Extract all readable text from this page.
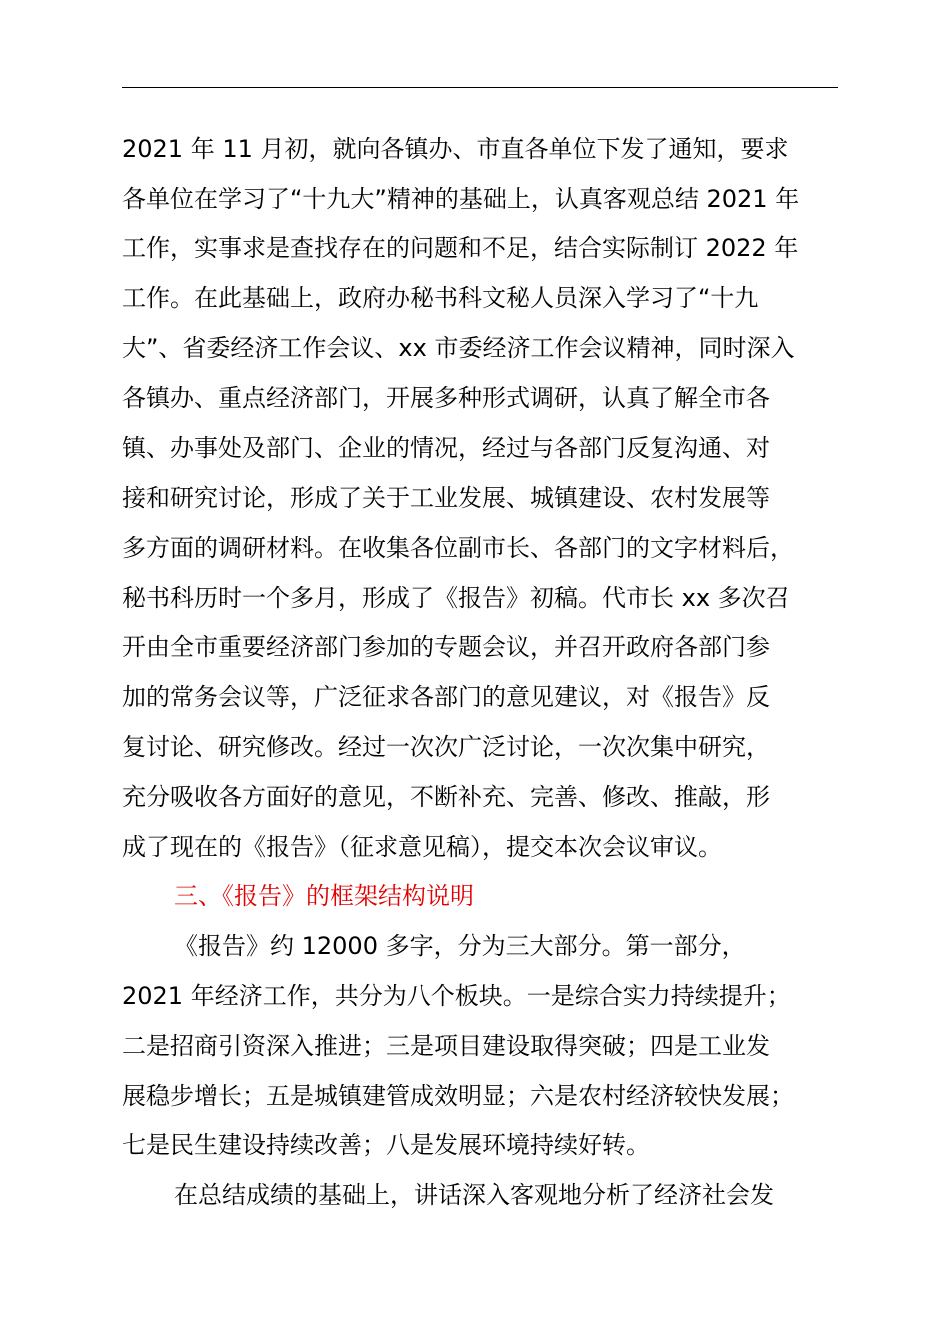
2021 年 11 月初，就向各镇办、市直各单位下发了通知，要求
各单位在学习了“十九大”精神的基础上，认真客观总结 2021 年
工作，实事求是查找存在的问题和不足，结合实际制订 2022 年
工作。在此基础上，政府办秘书科文秘人员深入学习了“十九
大”、省委经济工作会议、xx 市委经济工作会议精神，同时深入
各镇办、重点经济部门，开展多种形式调研，认真了解全市各
镇、办事处及部门、企业的情况，经过与各部门反复沟通、对
接和研究讨论，形成了关于工业发展、城镇建设、农村发展等
多方面的调研材料。在收集各位副市长、各部门的文字材料后，
秘书科历时一个多月，形成了《报告》初稿。代市长 xx 多次召
开由全市重要经济部门参加的专题会议，并召开政府各部门参
加的常务会议等，广泛征求各部门的意见建议，对《报告》反
复讨论、研究修改。经过一次次广泛讨论，一次次集中研究，
充分吸收各方面好的意见，不断补充、完善、修改、推敲，形
成了现在的《报告》（征求意见稿），提交本次会议审议。
三、《报告》的框架结构说明
《报告》约 12000 多字，分为三大部分。第一部分，
2021 年经济工作，共分为八个板块。一是综合实力持续提升；
二是招商引资深入推进；三是项目建设取得突破；四是工业发
展稳步增长；五是城镇建管成效明显；六是农村经济较快发展；
七是民生建设持续改善；八是发展环境持续好转。
在总结成绩的基础上，讲话深入客观地分析了经济社会发
